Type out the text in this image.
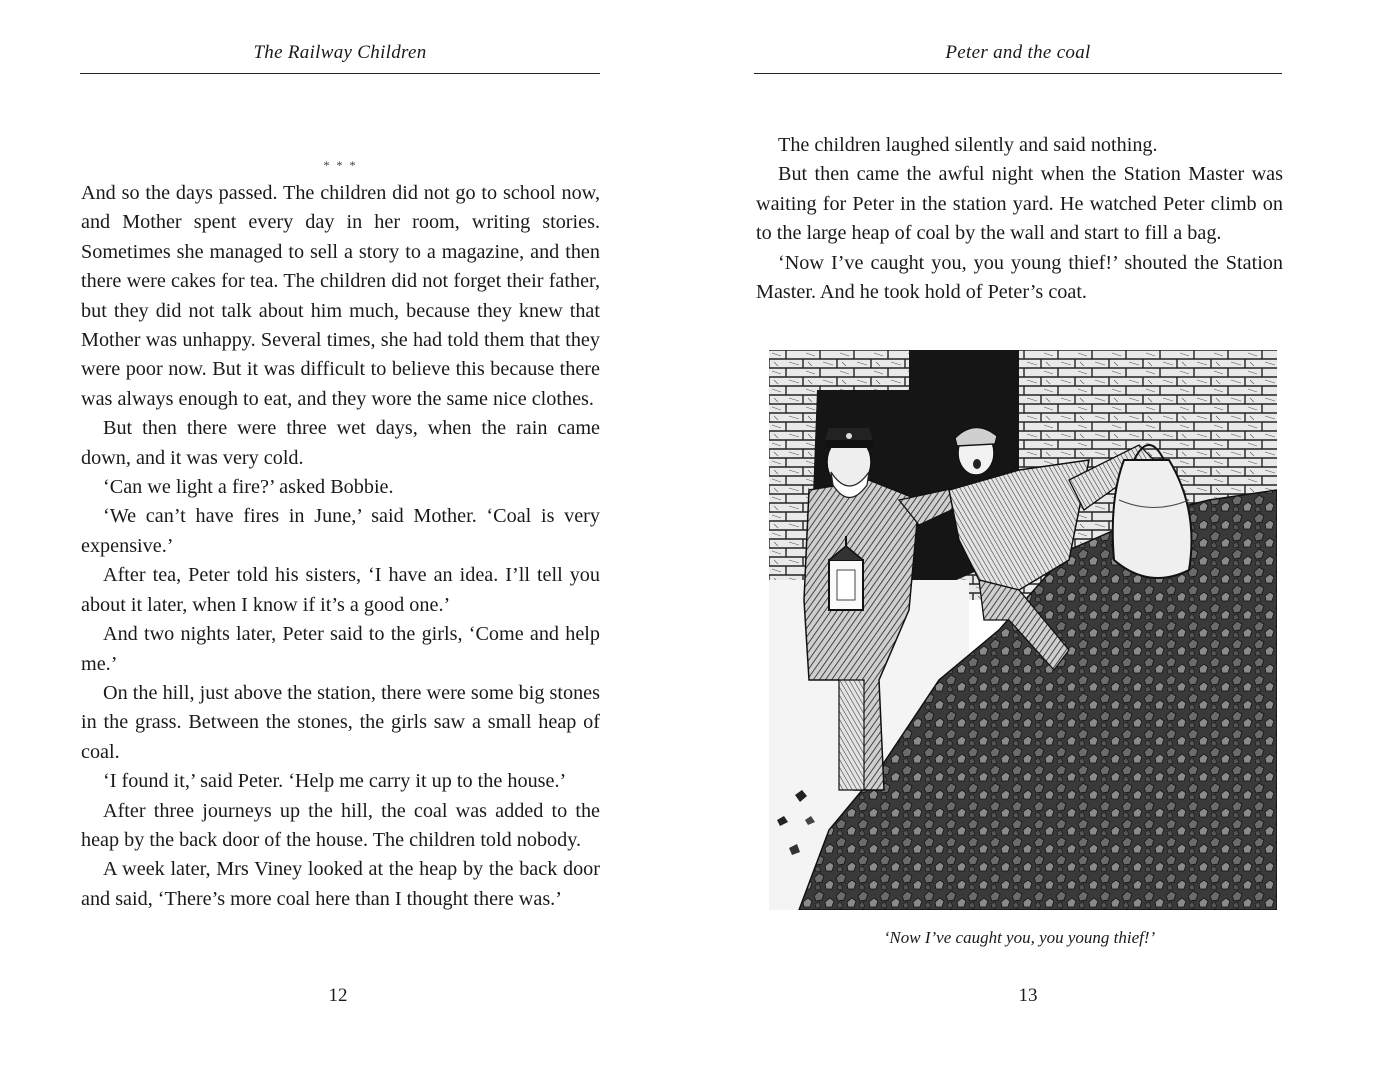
The Railway Children
* * *

And so the days passed. The children did not go to school now, and Mother spent every day in her room, writing stories. Sometimes she managed to sell a story to a magazine, and then there were cakes for tea. The children did not forget their father, but they did not talk about him much, because they knew that Mother was unhappy. Several times, she had told them that they were poor now. But it was difficult to believe this because there was always enough to eat, and they wore the same nice clothes.

But then there were three wet days, when the rain came down, and it was very cold.

‘Can we light a fire?’ asked Bobbie.

‘We can’t have fires in June,’ said Mother. ‘Coal is very expensive.’

After tea, Peter told his sisters, ‘I have an idea. I’ll tell you about it later, when I know if it’s a good one.’

And two nights later, Peter said to the girls, ‘Come and help me.’

On the hill, just above the station, there were some big stones in the grass. Between the stones, the girls saw a small heap of coal.

‘I found it,’ said Peter. ‘Help me carry it up to the house.’

After three journeys up the hill, the coal was added to the heap by the back door of the house. The children told nobody.

A week later, Mrs Viney looked at the heap by the back door and said, ‘There’s more coal here than I thought there was.’

12
Peter and the coal

The children laughed silently and said nothing.

But then came the awful night when the Station Master was waiting for Peter in the station yard. He watched Peter climb on to the large heap of coal by the wall and start to fill a bag.

‘Now I’ve caught you, you young thief!’ shouted the Station Master. And he took hold of Peter’s coat.

‘Now I’ve caught you, you young thief!’
13
